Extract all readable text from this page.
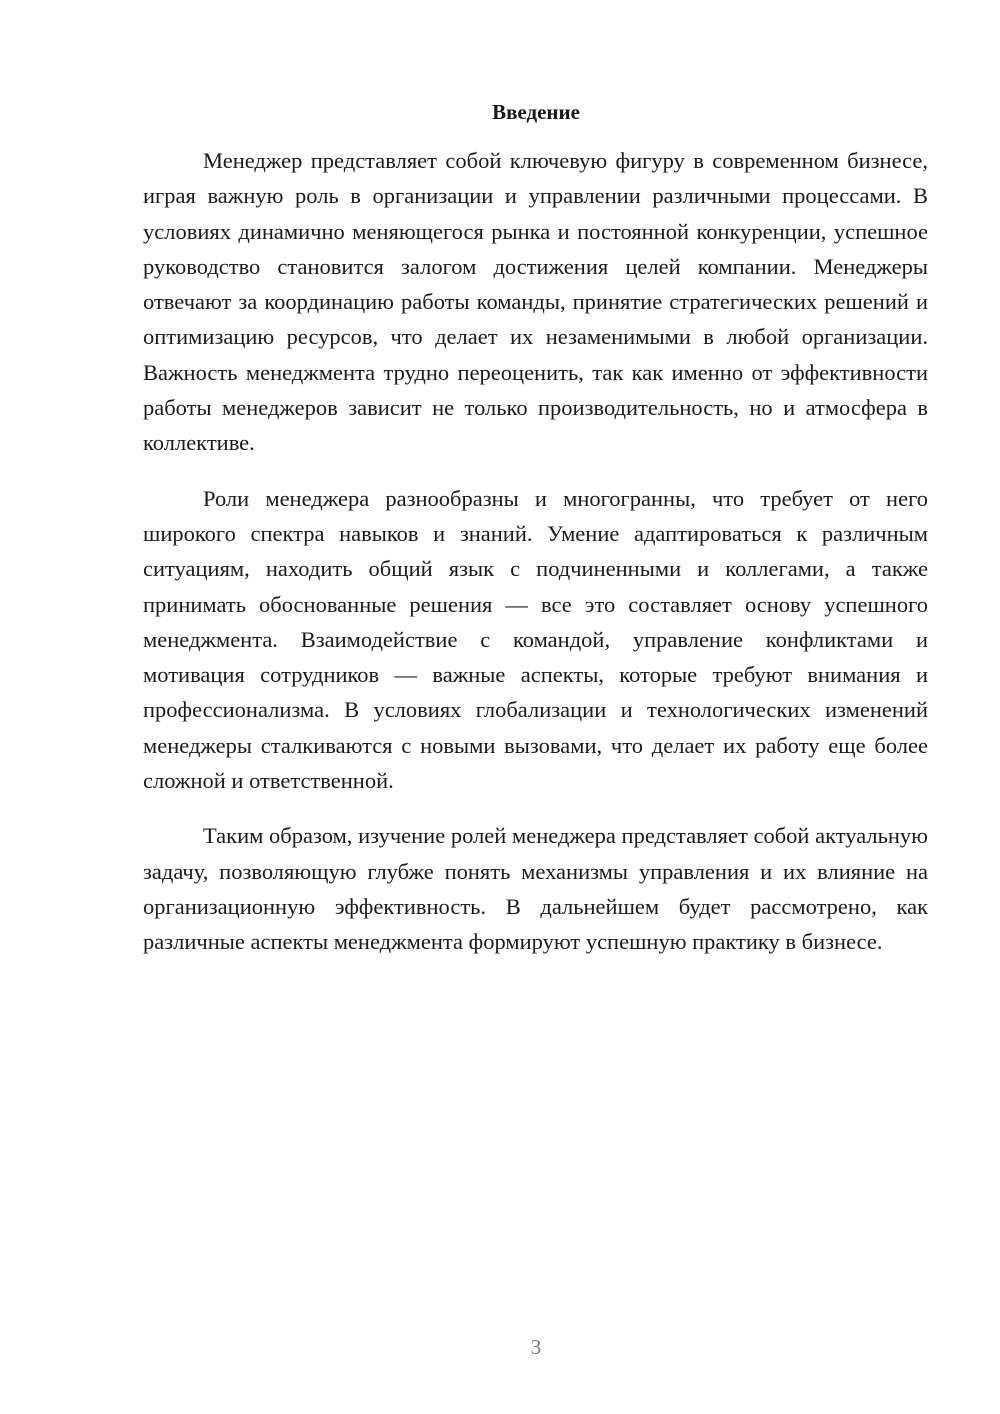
Введение

Менеджер представляет собой ключевую фигуру в современном бизнесе, играя важную роль в организации и управлении различными процессами. В условиях динамично меняющегося рынка и постоянной конкуренции, успешное руководство становится залогом достижения целей компании. Менеджеры отвечают за координацию работы команды, принятие стратегических решений и оптимизацию ресурсов, что делает их незаменимыми в любой организации. Важность менеджмента трудно переоценить, так как именно от эффективности работы менеджеров зависит не только производительность, но и атмосфера в коллективе.

Роли менеджера разнообразны и многогранны, что требует от него широкого спектра навыков и знаний. Умение адаптироваться к различным ситуациям, находить общий язык с подчиненными и коллегами, а также принимать обоснованные решения — все это составляет основу успешного менеджмента. Взаимодействие с командой, управление конфликтами и мотивация сотрудников — важные аспекты, которые требуют внимания и профессионализма. В условиях глобализации и технологических изменений менеджеры сталкиваются с новыми вызовами, что делает их работу еще более сложной и ответственной.

Таким образом, изучение ролей менеджера представляет собой актуальную задачу, позволяющую глубже понять механизмы управления и их влияние на организационную эффективность. В дальнейшем будет рассмотрено, как различные аспекты менеджмента формируют успешную практику в бизнесе.

3
